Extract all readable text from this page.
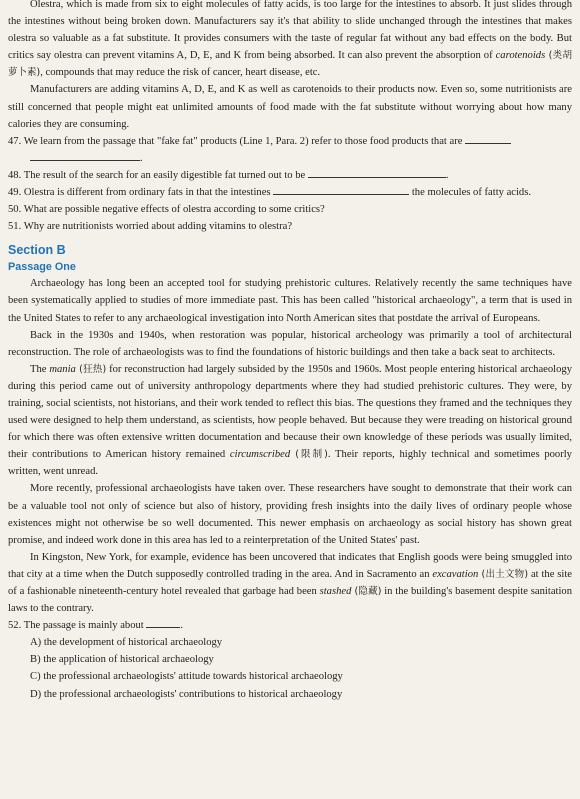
Olestra, which is made from six to eight molecules of fatty acids, is too large for the intestines to absorb. It just slides through the intestines without being broken down. Manufacturers say it's that ability to slide unchanged through the intestines that makes olestra so valuable as a fat substitute. It provides consumers with the taste of regular fat without any bad effects on the body. But critics say olestra can prevent vitamins A, D, E, and K from being absorbed. It can also prevent the absorption of carotenoids (类胡萝卜素), compounds that may reduce the risk of cancer, heart disease, etc.

Manufacturers are adding vitamins A, D, E, and K as well as carotenoids to their products now. Even so, some nutritionists are still concerned that people might eat unlimited amounts of food made with the fat substitute without worrying about how many calories they are consuming.

47. We learn from the passage that "fake fat" products (Line 1, Para. 2) refer to those food products that are
.

48. The result of the search for an easily digestible fat turned out to be	.

49. Olestra is different from ordinary fats in that the intestines	the molecules of fatty acids.

50. What are possible negative effects of olestra according to some critics?

51. Why are nutritionists worried about adding vitamins to olestra?

Section B
Passage One

Archaeology has long been an accepted tool for studying prehistoric cultures. Relatively recently the same techniques have been systematically applied to studies of more immediate past. This has been called "historical archaeology", a term that is used in the United States to refer to any archaeological investigation into North American sites that postdate the arrival of Europeans.

Back in the 1930s and 1940s, when restoration was popular, historical archeology was primarily a tool of architectural reconstruction. The role of archaeologists was to find the foundations of historic buildings and then take a back seat to architects.

The mania (狂热) for reconstruction had largely subsided by the 1950s and 1960s. Most people entering historical archaeology during this period came out of university anthropology departments where they had studied prehistoric cultures. They were, by training, social scientists, not historians, and their work tended to reflect this bias. The questions they framed and the techniques they used were designed to help them understand, as scientists, how people behaved. But because they were treading on historical ground for which there was often extensive written documentation and because their own knowledge of these periods was usually limited, their contributions to American history remained circumscribed (限制). Their reports, highly technical and sometimes poorly written, went unread.

More recently, professional archaeologists have taken over. These researchers have sought to demonstrate that their work can be a valuable tool not only of science but also of history, providing fresh insights into the daily lives of ordinary people whose existences might not otherwise be so well documented. This newer emphasis on archaeology as social history has shown great promise, and indeed work done in this area has led to a reinterpretation of the United States' past.

In Kingston, New York, for example, evidence has been uncovered that indicates that English goods were being smuggled into that city at a time when the Dutch supposedly controlled trading in the area. And in Sacramento an excavation (出土文物) at the site of a fashionable nineteenth-century hotel revealed that garbage had been stashed (隐藏) in the building's basement despite sanitation laws to the contrary.

52. The passage is mainly about	.

A) the development of historical archaeology

B) the application of historical archaeology

C) the professional archaeologists' attitude towards historical archaeology

D) the professional archaeologists' contributions to historical archaeology
